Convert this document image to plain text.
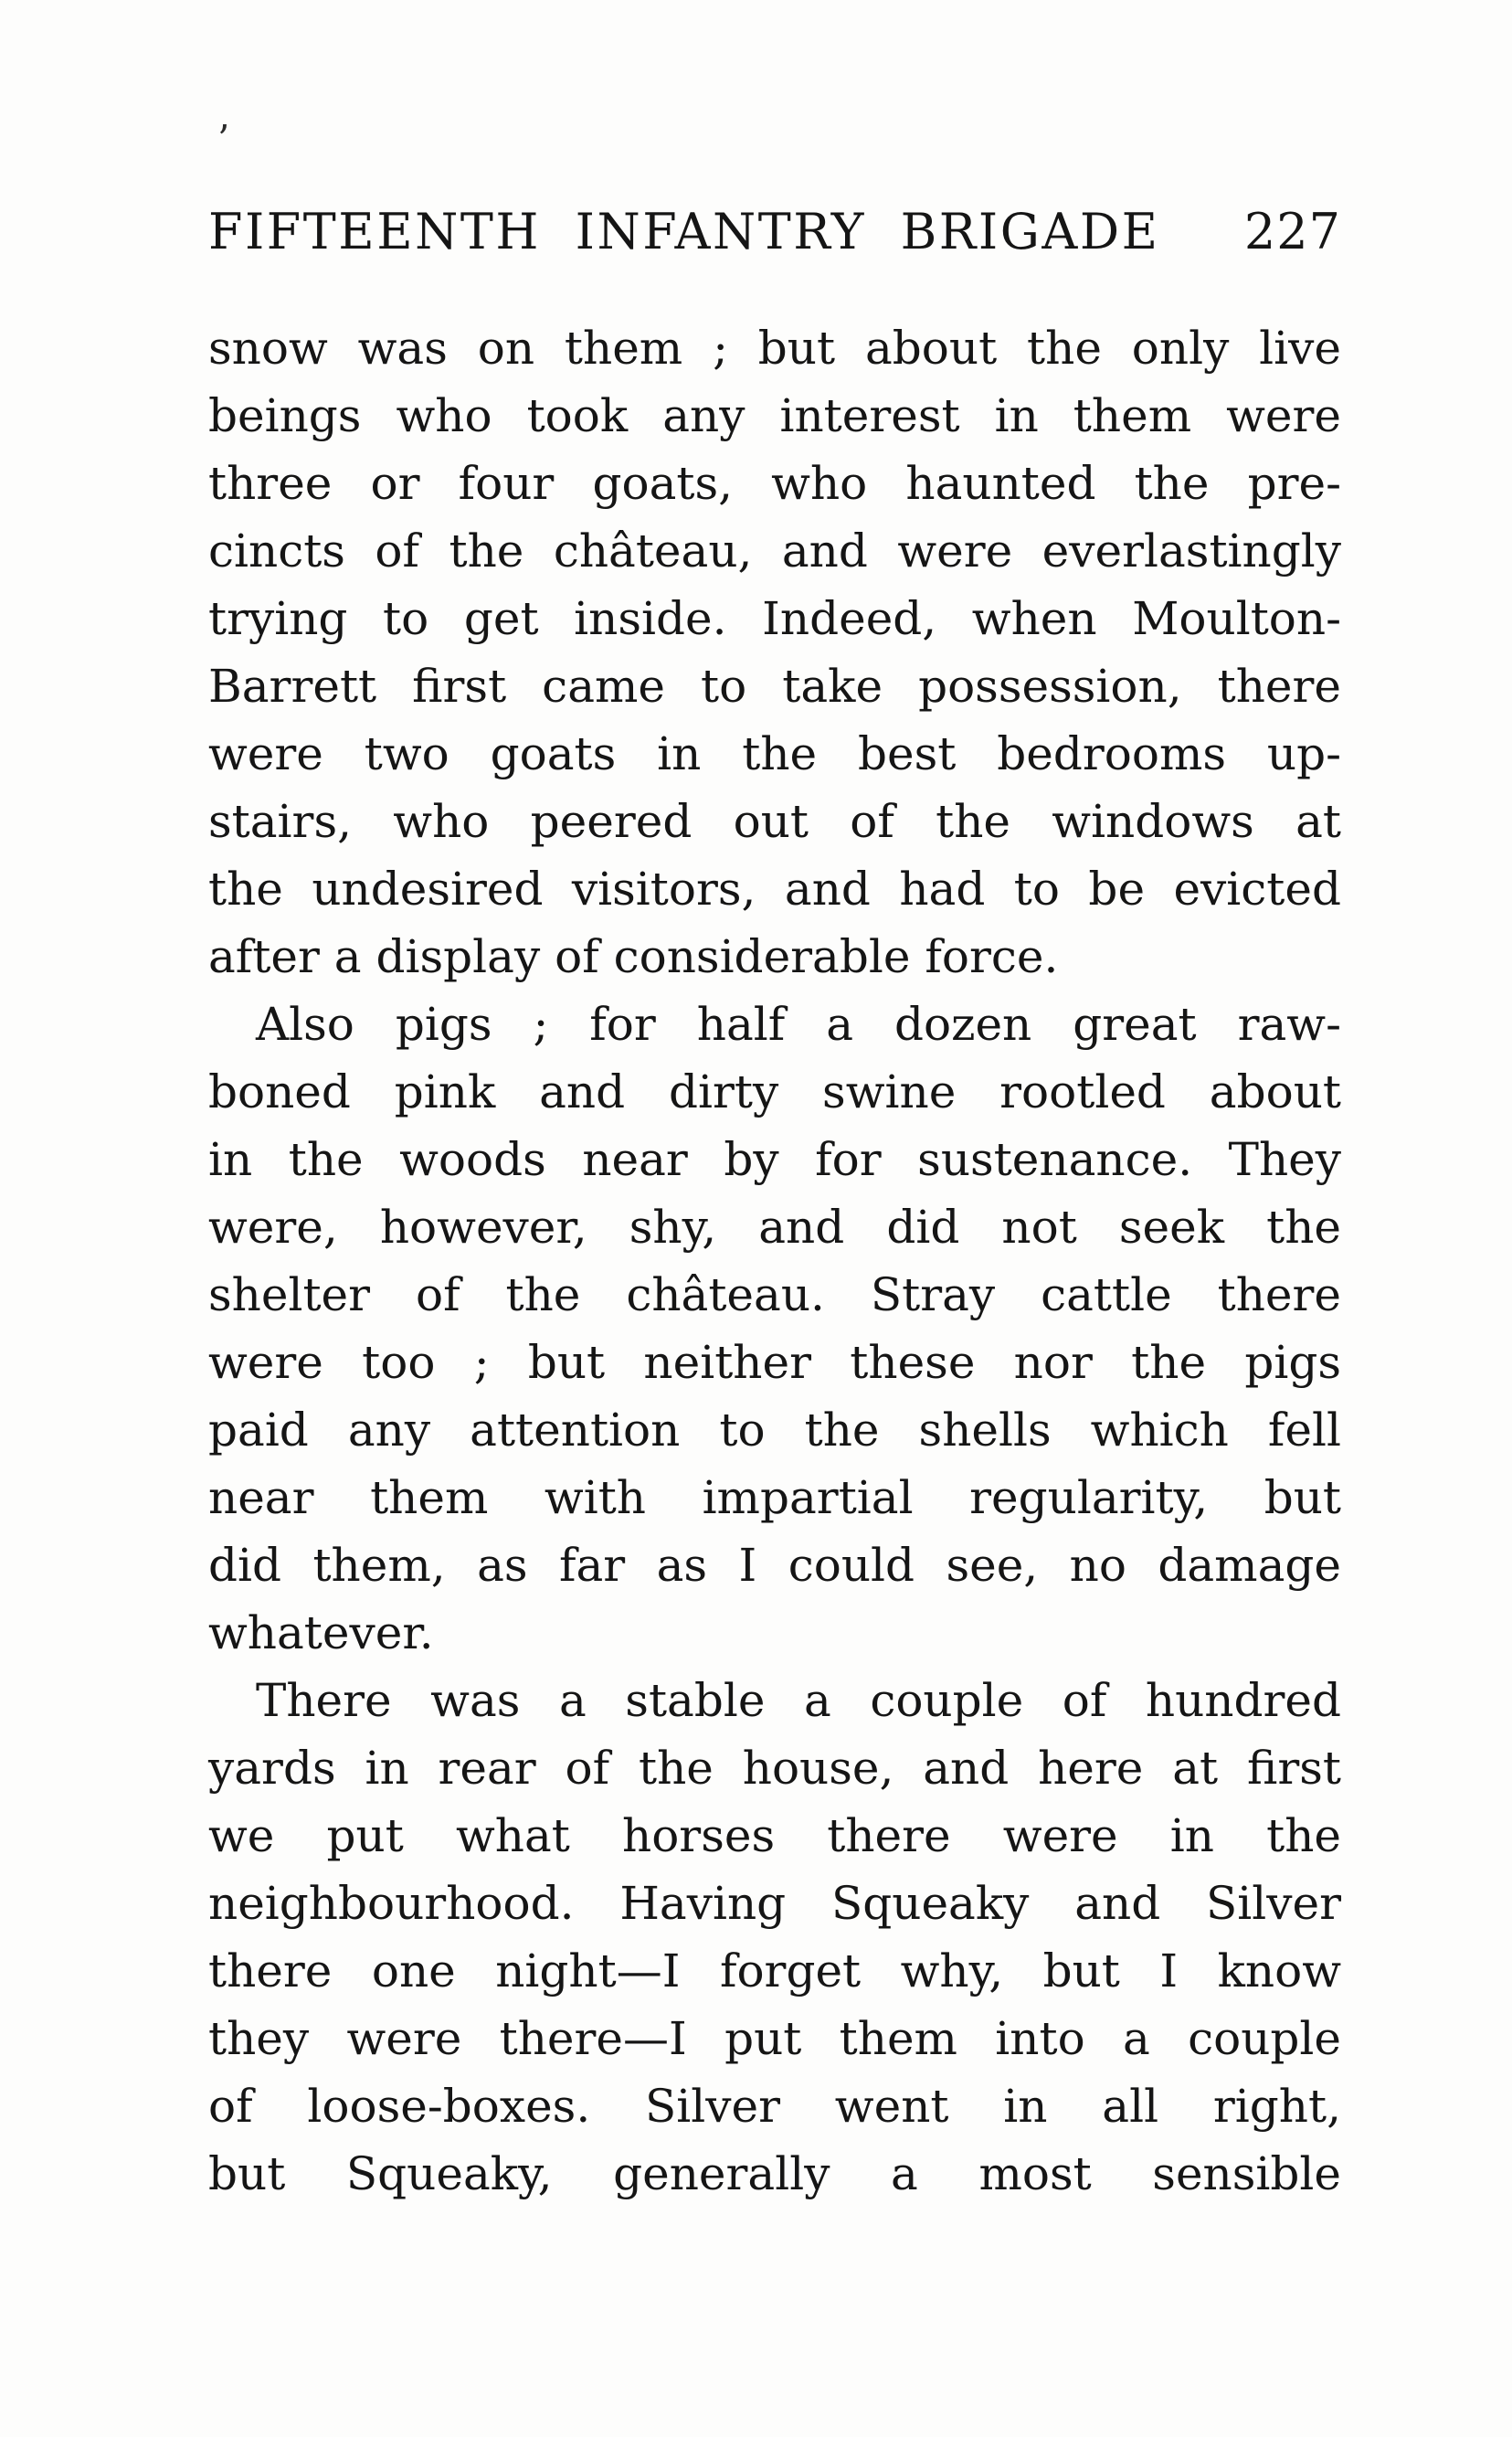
’
FIFTEENTH INFANTRY BRIGADE 227

snow was on them ; but about the only live
beings who took any interest in them were
three or four goats, who haunted the pre-
cincts of the château, and were everlastingly
trying to get inside. Indeed, when Moulton-
Barrett first came to take possession, there
were two goats in the best bedrooms up-
stairs, who peered out of the windows at
the undesired visitors, and had to be evicted
after a display of considerable force.

Also pigs ; for half a dozen great raw-
boned pink and dirty swine rootled about
in the woods near by for sustenance. They
were, however, shy, and did not seek the
shelter of the château. Stray cattle there
were too ; but neither these nor the pigs
paid any attention to the shells which fell
near them with impartial regularity, but
did them, as far as I could see, no damage
whatever.

There was a stable a couple of hundred
yards in rear of the house, and here at first
we put what horses there were in the
neighbourhood. Having Squeaky and Silver
there one night—I forget why, but I know
they were there—I put them into a couple
of loose-boxes. Silver went in all right,
but Squeaky, generally a most sensible
